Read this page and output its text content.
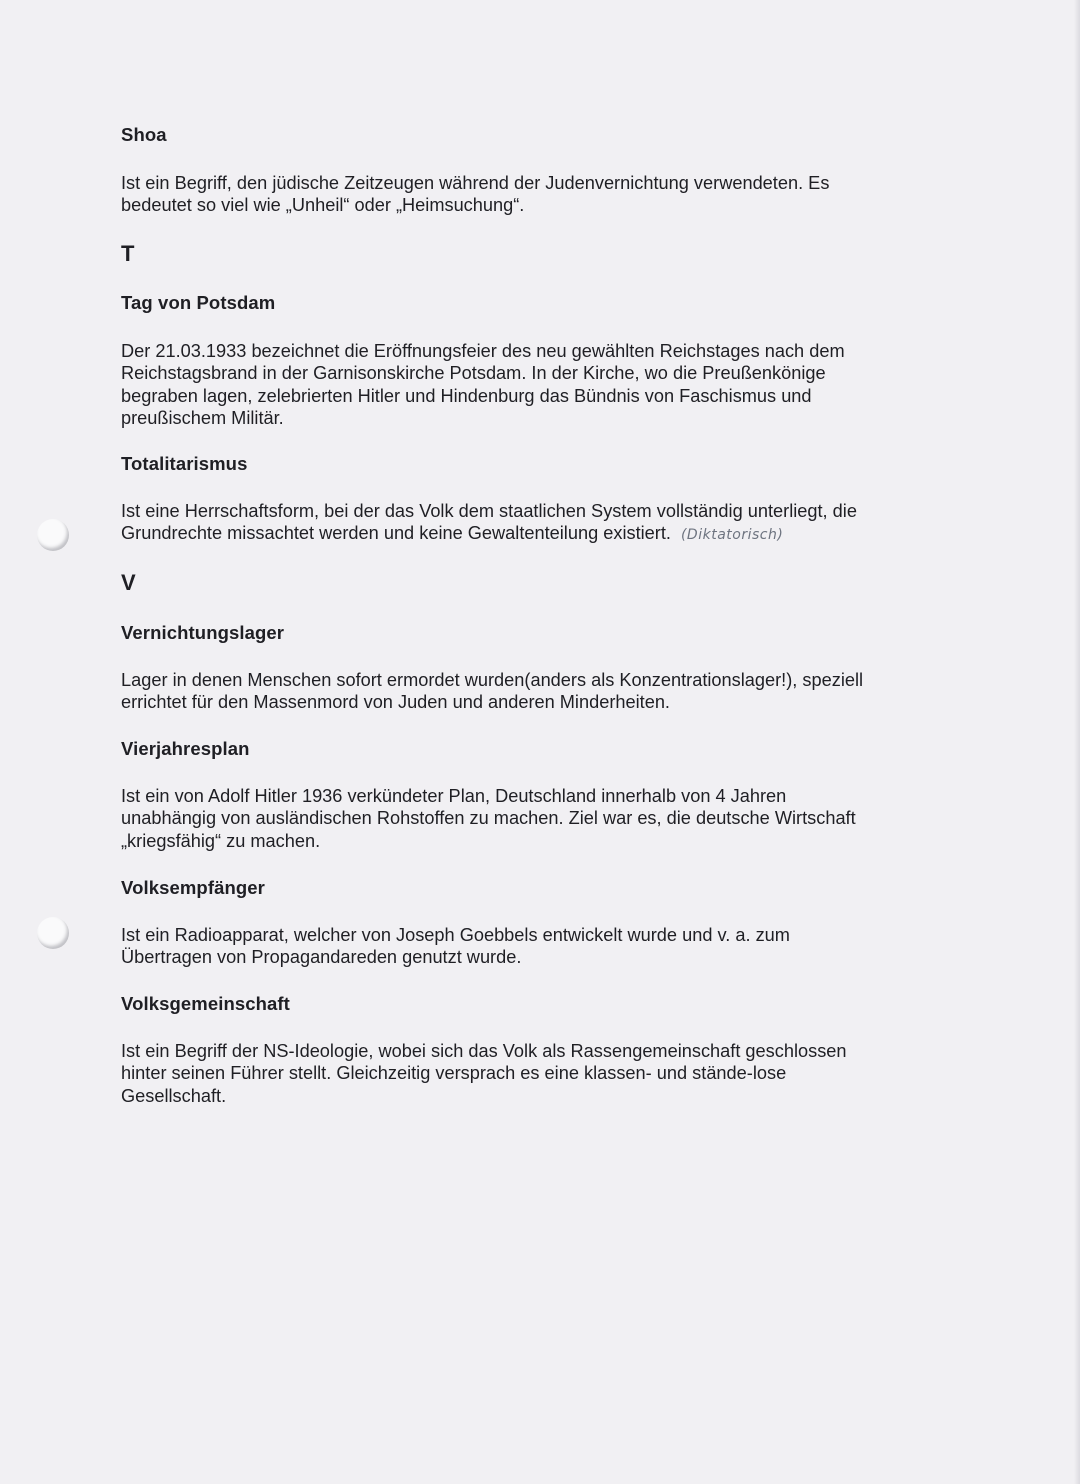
Shoa
Ist ein Begriff, den jüdische Zeitzeugen während der Judenvernichtung verwendeten. Es
bedeutet so viel wie „Unheil“ oder „Heimsuchung“.
T
Tag von Potsdam
Der 21.03.1933 bezeichnet die Eröffnungsfeier des neu gewählten Reichstages nach dem
Reichstagsbrand in der Garnisonskirche Potsdam. In der Kirche, wo die Preußenkönige
begraben lagen, zelebrierten Hitler und Hindenburg das Bündnis von Faschismus und
preußischem Militär.
Totalitarismus
Ist eine Herrschaftsform, bei der das Volk dem staatlichen System vollständig unterliegt, die
Grundrechte missachtet werden und keine Gewaltenteilung existiert. (Diktatorisch)
V
Vernichtungslager
Lager in denen Menschen sofort ermordet wurden(anders als Konzentrationslager!), speziell
errichtet für den Massenmord von Juden und anderen Minderheiten.
Vierjahresplan
Ist ein von Adolf Hitler 1936 verkündeter Plan, Deutschland innerhalb von 4 Jahren
unabhängig von ausländischen Rohstoffen zu machen. Ziel war es, die deutsche Wirtschaft
„kriegsfähig“ zu machen.
Volksempfänger
Ist ein Radioapparat, welcher von Joseph Goebbels entwickelt wurde und v. a. zum
Übertragen von Propagandareden genutzt wurde.
Volksgemeinschaft
Ist ein Begriff der NS-Ideologie, wobei sich das Volk als Rassengemeinschaft geschlossen
hinter seinen Führer stellt. Gleichzeitig versprach es eine klassen- und stände-lose
Gesellschaft.
